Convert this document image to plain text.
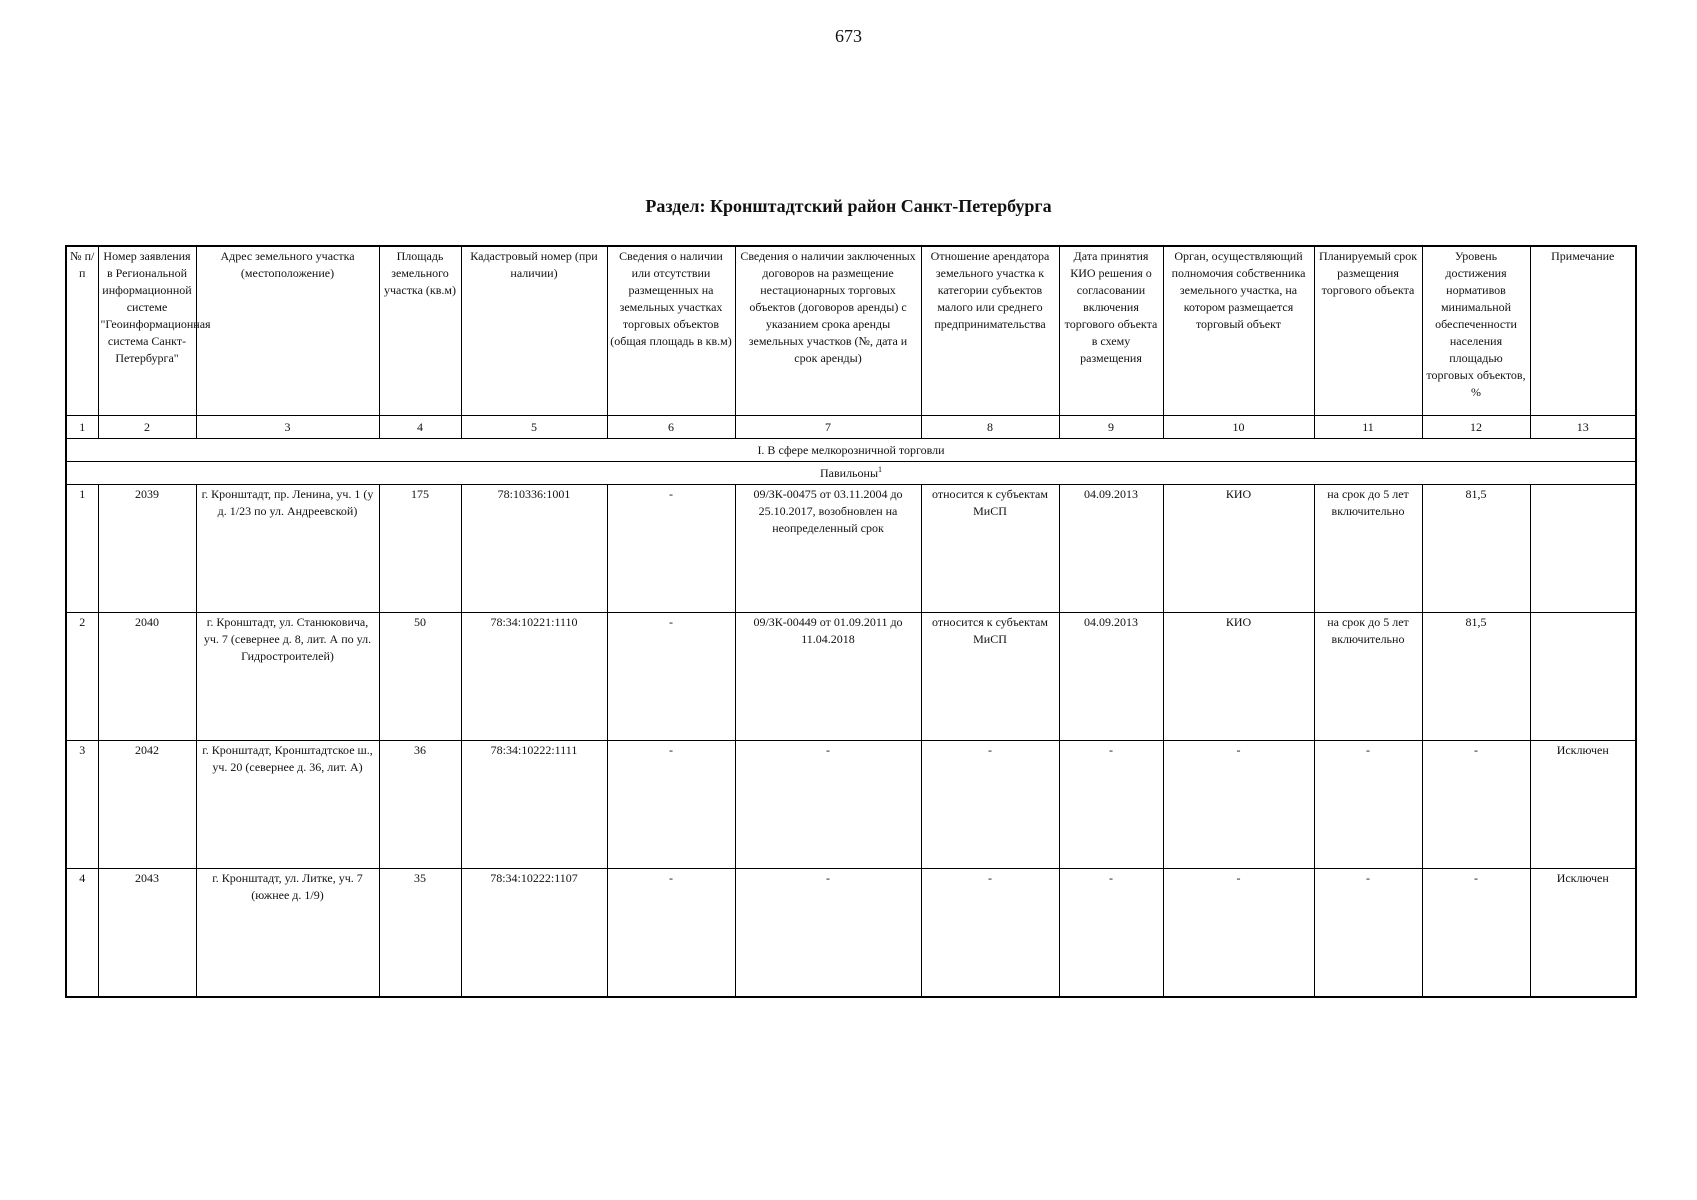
673
Раздел: Кронштадтский район Санкт-Петербурга
№ п/п	Номер заявления в Региональной информационной системе "Геоинформационная система Санкт-Петербурга"	Адрес земельного участка (местоположение)	Площадь земельного участка (кв.м)	Кадастровый номер (при наличии)	Сведения о наличии или отсутствии размещенных на земельных участках торговых объектов (общая площадь в кв.м)	Сведения о наличии заключенных договоров на размещение нестационарных торговых объектов (договоров аренды) с указанием срока аренды земельных участков (№, дата и срок аренды)	Отношение арендатора земельного участка к категории субъектов малого или среднего предпринимательства	Дата принятия КИО решения о согласовании включения торгового объекта в схему размещения	Орган, осуществляющий полномочия собственника земельного участка, на котором размещается торговый объект	Планируемый срок размещения торгового объекта	Уровень достижения нормативов минимальной обеспеченности населения площадью торговых объектов, %	Примечание
1	2	3	4	5	6	7	8	9	10	11	12	13
I. В сфере мелкорозничной торговли												
Павильоны$^1$
1	2039	г. Кронштадт, пр. Ленина, уч. 1 (у д. 1/23 по ул. Андреевской)	175	78:10336:1001	-	09/ЗК-00475 от 03.11.2004 до 25.10.2017, возобновлен на неопределенный срок	относится к субъектам МиСП	04.09.2013	КИО	на срок до 5 лет включительно	81,5	
2	2040	г. Кронштадт, ул. Станюковича, уч. 7 (севернее д. 8, лит. А по ул. Гидростроителей)	50	78:34:10221:1110	-	09/ЗК-00449 от 01.09.2011 до 11.04.2018	относится к субъектам МиСП	04.09.2013	КИО	на срок до 5 лет включительно	81,5	
3	2042	г. Кронштадт, Кронштадтское ш., уч. 20 (севернее д. 36, лит. А)	36	78:34:10222:1111	-	-	-	-	-	-	-	Исключен
4	2043	г. Кронштадт, ул. Литке, уч. 7 (южнее д. 1/9)	35	78:34:10222:1107	-	-	-	-	-	-	-	Исключен
